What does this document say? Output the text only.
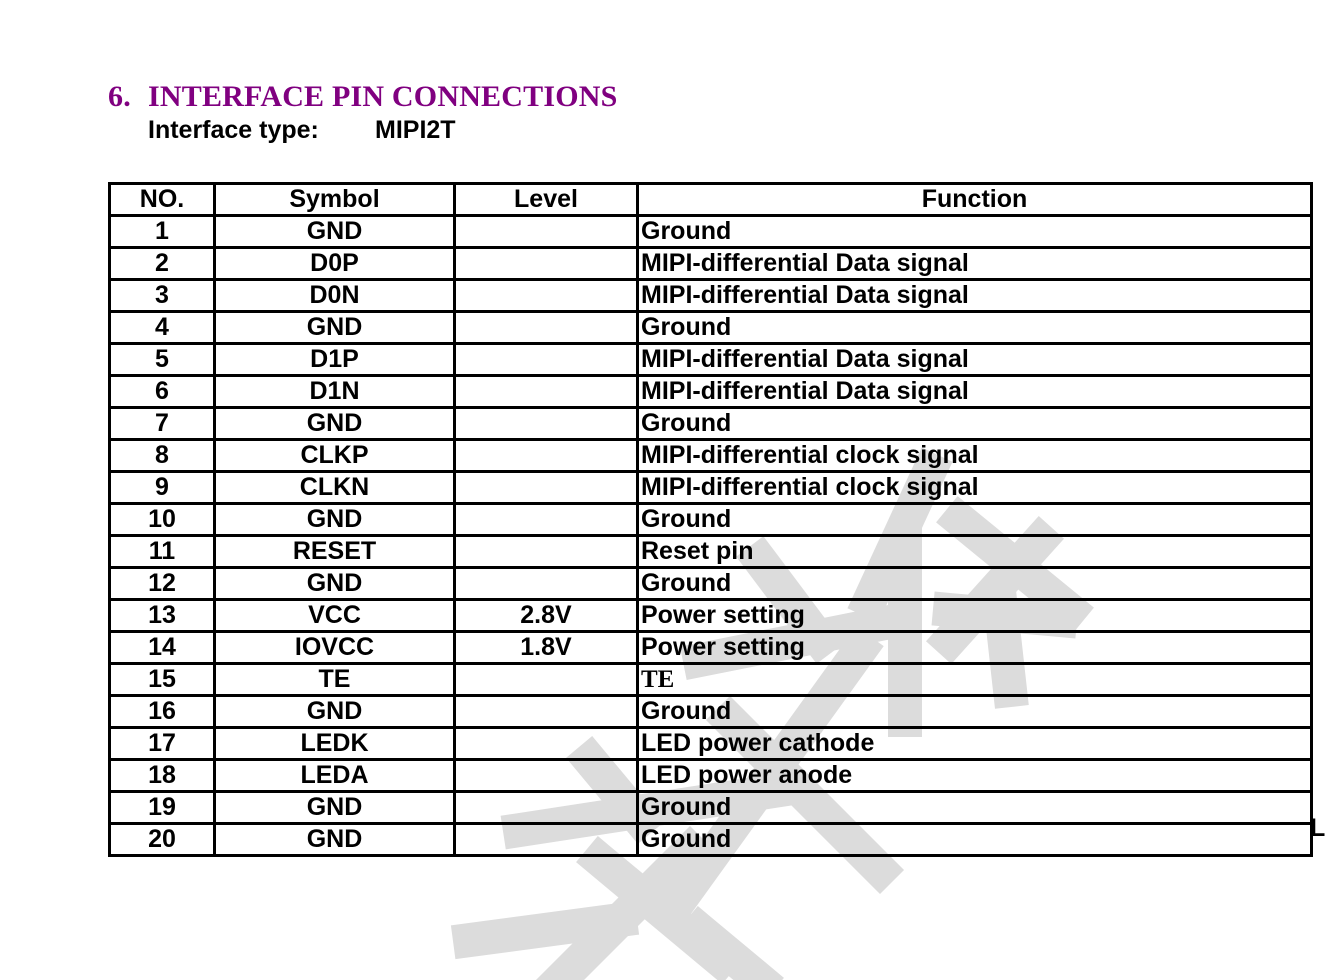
6. INTERFACE PIN CONNECTIONS
Interface type: MIPI2T
NO.	Symbol	Level	Function
1	GND		Ground
2	D0P		MIPI-differential Data signal
3	D0N		MIPI-differential Data signal
4	GND		Ground
5	D1P		MIPI-differential Data signal
6	D1N		MIPI-differential Data signal
7	GND		Ground
8	CLKP		MIPI-differential clock signal
9	CLKN		MIPI-differential clock signal
10	GND		Ground
11	RESET		Reset pin
12	GND		Ground
13	VCC	2.8V	Power setting
14	IOVCC	1.8V	Power setting
15	TE		TE
16	GND		Ground
17	LEDK		LED power cathode
18	LEDA		LED power anode
19	GND		Ground
20	GND		Ground	L
